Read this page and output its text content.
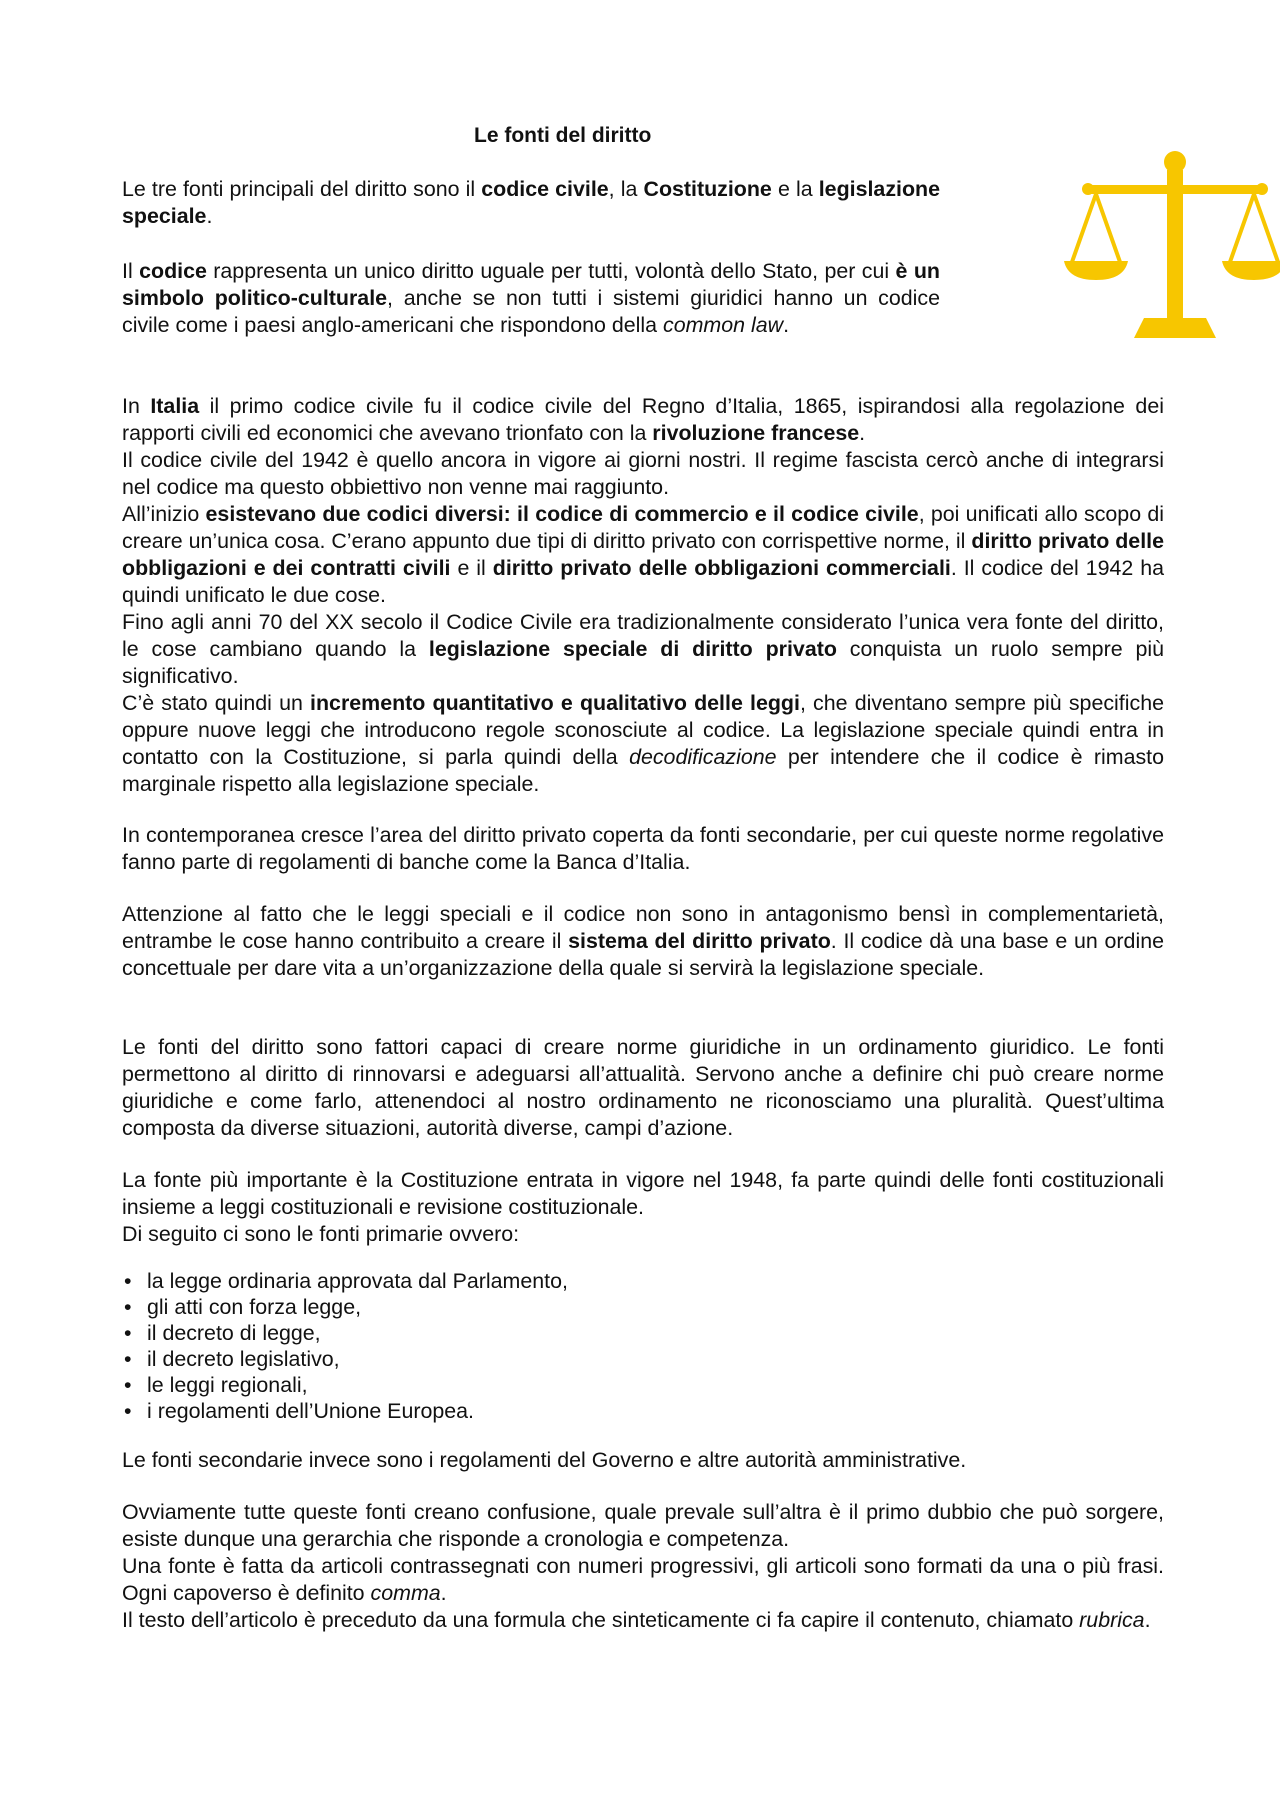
Le fonti del diritto

Le tre fonti principali del diritto sono il codice civile, la Costituzione e la legislazione speciale.

Il codice rappresenta un unico diritto uguale per tutti, volontà dello Stato, per cui è un simbolo politico-culturale, anche se non tutti i sistemi giuridici hanno un codice civile come i paesi anglo-americani che rispondono della common law.

In Italia il primo codice civile fu il codice civile del Regno d’Italia, 1865, ispirandosi alla regolazione dei rapporti civili ed economici che avevano trionfato con la rivoluzione francese.

Il codice civile del 1942 è quello ancora in vigore ai giorni nostri. Il regime fascista cercò anche di integrarsi nel codice ma questo obbiettivo non venne mai raggiunto.

All’inizio esistevano due codici diversi: il codice di commercio e il codice civile, poi unificati allo scopo di creare un’unica cosa. C’erano appunto due tipi di diritto privato con corrispettive norme, il diritto privato delle obbligazioni e dei contratti civili e il diritto privato delle obbligazioni commerciali. Il codice del 1942 ha quindi unificato le due cose.

Fino agli anni 70 del XX secolo il Codice Civile era tradizionalmente considerato l’unica vera fonte del diritto, le cose cambiano quando la legislazione speciale di diritto privato conquista un ruolo sempre più significativo.

C’è stato quindi un incremento quantitativo e qualitativo delle leggi, che diventano sempre più specifiche oppure nuove leggi che introducono regole sconosciute al codice. La legislazione speciale quindi entra in contatto con la Costituzione, si parla quindi della decodificazione per intendere che il codice è rimasto marginale rispetto alla legislazione speciale.

In contemporanea cresce l’area del diritto privato coperta da fonti secondarie, per cui queste norme regolative fanno parte di regolamenti di banche come la Banca d’Italia.

Attenzione al fatto che le leggi speciali e il codice non sono in antagonismo bensì in complementarietà, entrambe le cose hanno contribuito a creare il sistema del diritto privato. Il codice dà una base e un ordine concettuale per dare vita a un’organizzazione della quale si servirà la legislazione speciale.

Le fonti del diritto sono fattori capaci di creare norme giuridiche in un ordinamento giuridico. Le fonti permettono al diritto di rinnovarsi e adeguarsi all’attualità. Servono anche a definire chi può creare norme giuridiche e come farlo, attenendoci al nostro ordinamento ne riconosciamo una pluralità. Quest’ultima composta da diverse situazioni, autorità diverse, campi d’azione.

La fonte più importante è la Costituzione entrata in vigore nel 1948, fa parte quindi delle fonti costituzionali insieme a leggi costituzionali e revisione costituzionale.

Di seguito ci sono le fonti primarie ovvero:

• la legge ordinaria approvata dal Parlamento,
• gli atti con forza legge,
• il decreto di legge,
• il decreto legislativo,
• le leggi regionali,
• i regolamenti dell’Unione Europea.

Le fonti secondarie invece sono i regolamenti del Governo e altre autorità amministrative.

Ovviamente tutte queste fonti creano confusione, quale prevale sull’altra è il primo dubbio che può sorgere, esiste dunque una gerarchia che risponde a cronologia e competenza.

Una fonte è fatta da articoli contrassegnati con numeri progressivi, gli articoli sono formati da una o più frasi. Ogni capoverso è definito comma.

Il testo dell’articolo è preceduto da una formula che sinteticamente ci fa capire il contenuto, chiamato rubrica.
